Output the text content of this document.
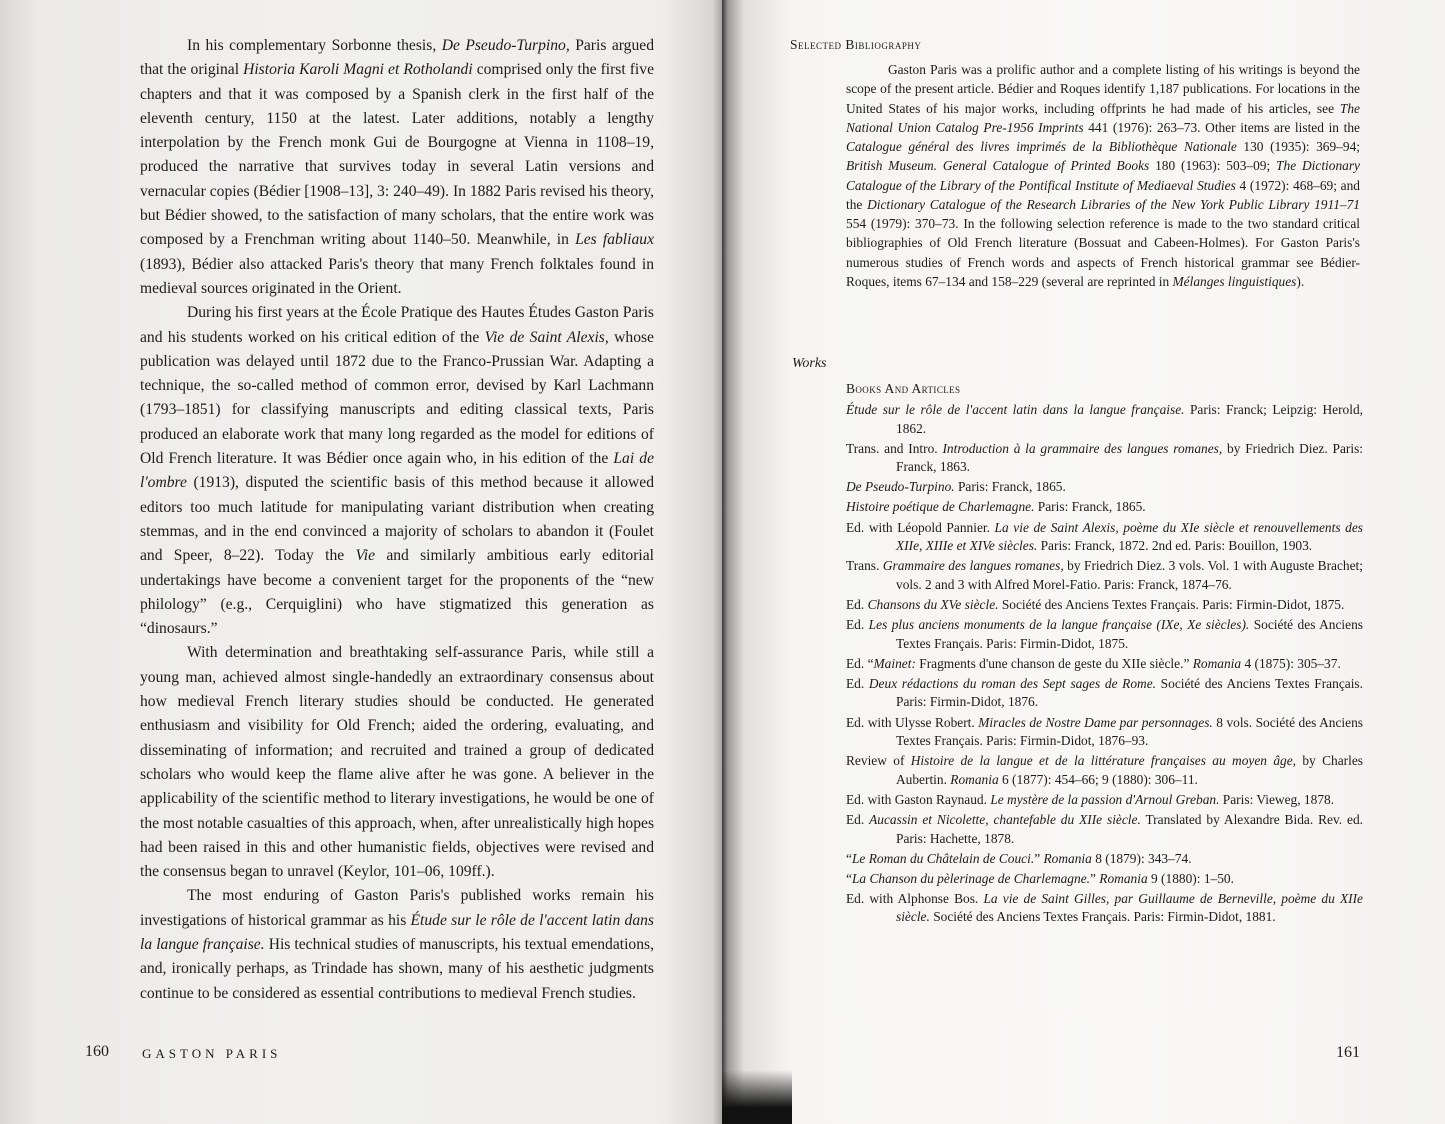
In his complementary Sorbonne thesis, De Pseudo-Turpino, Paris argued that the original Historia Karoli Magni et Rotholandi comprised only the first five chapters and that it was composed by a Spanish clerk in the first half of the eleventh century, 1150 at the latest. Later additions, notably a lengthy interpolation by the French monk Gui de Bourgogne at Vienna in 1108–19, produced the narrative that survives today in several Latin versions and vernacular copies (Bédier [1908–13], 3: 240–49). In 1882 Paris revised his theory, but Bédier showed, to the satisfaction of many scholars, that the entire work was composed by a Frenchman writing about 1140–50. Meanwhile, in Les fabliaux (1893), Bédier also attacked Paris's theory that many French folktales found in medieval sources originated in the Orient.

During his first years at the École Pratique des Hautes Études Gaston Paris and his students worked on his critical edition of the Vie de Saint Alexis, whose publication was delayed until 1872 due to the Franco-Prussian War. Adapting a technique, the so-called method of common error, devised by Karl Lachmann (1793–1851) for classifying manuscripts and editing classical texts, Paris produced an elaborate work that many long regarded as the model for editions of Old French literature. It was Bédier once again who, in his edition of the Lai de l'ombre (1913), disputed the scientific basis of this method because it allowed editors too much latitude for manipulating variant distribution when creating stemmas, and in the end convinced a majority of scholars to abandon it (Foulet and Speer, 8–22). Today the Vie and similarly ambitious early editorial undertakings have become a convenient target for the proponents of the “new philology” (e.g., Cerquiglini) who have stigmatized this generation as “dinosaurs.”

With determination and breathtaking self-assurance Paris, while still a young man, achieved almost single-handedly an extraordinary consensus about how medieval French literary studies should be conducted. He generated enthusiasm and visibility for Old French; aided the ordering, evaluating, and disseminating of information; and recruited and trained a group of dedicated scholars who would keep the flame alive after he was gone. A believer in the applicability of the scientific method to literary investigations, he would be one of the most notable casualties of this approach, when, after unrealistically high hopes had been raised in this and other humanistic fields, objectives were revised and the consensus began to unravel (Keylor, 101–06, 109ff.).

The most enduring of Gaston Paris's published works remain his investigations of historical grammar as his Étude sur le rôle de l'accent latin dans la langue française. His technical studies of manuscripts, his textual emendations, and, ironically perhaps, as Trindade has shown, many of his aesthetic judgments continue to be considered as essential contributions to medieval French studies.

160	GASTON PARIS
Selected Bibliography

Gaston Paris was a prolific author and a complete listing of his writings is beyond the scope of the present article. Bédier and Roques identify 1,187 publications. For locations in the United States of his major works, including offprints he had made of his articles, see The National Union Catalog Pre-1956 Imprints 441 (1976): 263–73. Other items are listed in the Catalogue général des livres imprimés de la Bibliothèque Nationale 130 (1935): 369–94; British Museum. General Catalogue of Printed Books 180 (1963): 503–09; The Dictionary Catalogue of the Library of the Pontifical Institute of Mediaeval Studies 4 (1972): 468–69; and the Dictionary Catalogue of the Research Libraries of the New York Public Library 1911–71 554 (1979): 370–73. In the following selection reference is made to the two standard critical bibliographies of Old French literature (Bossuat and Cabeen-Holmes). For Gaston Paris's numerous studies of French words and aspects of French historical grammar see Bédier-Roques, items 67–134 and 158–229 (several are reprinted in Mélanges linguistiques).

Works
Books And Articles
Étude sur le rôle de l'accent latin dans la langue française. Paris: Franck; Leipzig: Herold, 1862.
Trans. and Intro. Introduction à la grammaire des langues romanes, by Friedrich Diez. Paris: Franck, 1863.
De Pseudo-Turpino. Paris: Franck, 1865.
Histoire poétique de Charlemagne. Paris: Franck, 1865.
Ed. with Léopold Pannier. La vie de Saint Alexis, poème du XIe siècle et renouvellements des XIIe, XIIIe et XIVe siècles. Paris: Franck, 1872. 2nd ed. Paris: Bouillon, 1903.
Trans. Grammaire des langues romanes, by Friedrich Diez. 3 vols. Vol. 1 with Auguste Brachet; vols. 2 and 3 with Alfred Morel-Fatio. Paris: Franck, 1874–76.
Ed. Chansons du XVe siècle. Société des Anciens Textes Français. Paris: Firmin-Didot, 1875.
Ed. Les plus anciens monuments de la langue française (IXe, Xe siècles). Société des Anciens Textes Français. Paris: Firmin-Didot, 1875.
Ed. “Mainet: Fragments d'une chanson de geste du XIIe siècle.” Romania 4 (1875): 305–37.
Ed. Deux rédactions du roman des Sept sages de Rome. Société des Anciens Textes Français. Paris: Firmin-Didot, 1876.
Ed. with Ulysse Robert. Miracles de Nostre Dame par personnages. 8 vols. Société des Anciens Textes Français. Paris: Firmin-Didot, 1876–93.
Review of Histoire de la langue et de la littérature françaises au moyen âge, by Charles Aubertin. Romania 6 (1877): 454–66; 9 (1880): 306–11.
Ed. with Gaston Raynaud. Le mystère de la passion d'Arnoul Greban. Paris: Vieweg, 1878.
Ed. Aucassin et Nicolette, chantefable du XIIe siècle. Translated by Alexandre Bida. Rev. ed. Paris: Hachette, 1878.
“Le Roman du Châtelain de Couci.” Romania 8 (1879): 343–74.
“La Chanson du pèlerinage de Charlemagne.” Romania 9 (1880): 1–50.
Ed. with Alphonse Bos. La vie de Saint Gilles, par Guillaume de Berneville, poème du XIIe siècle. Société des Anciens Textes Français. Paris: Firmin-Didot, 1881.
161
